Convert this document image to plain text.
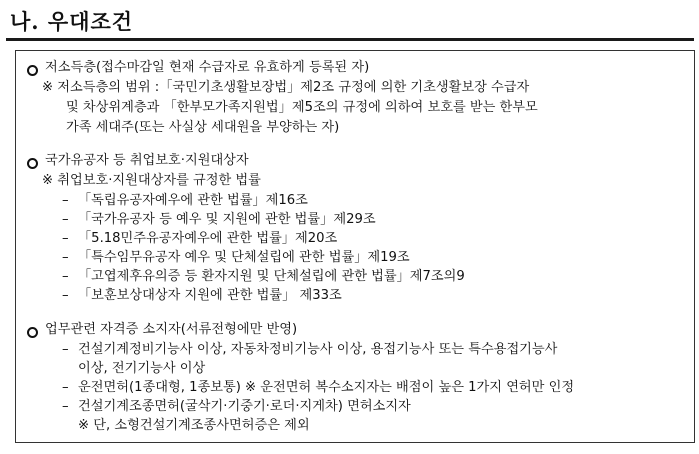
나. 우대조건
저소득층(접수마감일 현재 수급자로 유효하게 등록된 자)
※ 저소득층의 범위 :「국민기초생활보장법」제2조 규정에 의한 기초생활보장 수급자
및 차상위계층과 「한부모가족지원법」제5조의 규정에 의하여 보호를 받는 한부모
가족 세대주(또는 사실상 세대원을 부양하는 자)
국가유공자 등 취업보호·지원대상자
※ 취업보호·지원대상자를 규정한 법률
– 「독립유공자예우에 관한 법률」제16조
– 「국가유공자 등 예우 및 지원에 관한 법률」제29조
– 「5.18민주유공자예우에 관한 법률」제20조
– 「특수임무유공자 예우 및 단체설립에 관한 법률」제19조
– 「고엽제후유의증 등 환자지원 및 단체설립에 관한 법률」제7조의9
– 「보훈보상대상자 지원에 관한 법률」 제33조
업무관련 자격증 소지자(서류전형에만 반영)
– 건설기계정비기능사 이상, 자동차정비기능사 이상, 용접기능사 또는 특수용접기능사
이상, 전기기능사 이상
– 운전면허(1종대형, 1종보통) ※ 운전면허 복수소지자는 배점이 높은 1가지 연허만 인정
– 건설기계조종면허(굴삭기·기중기·로더·지게차) 면허소지자
※ 단, 소형건설기계조종사면허증은 제외
